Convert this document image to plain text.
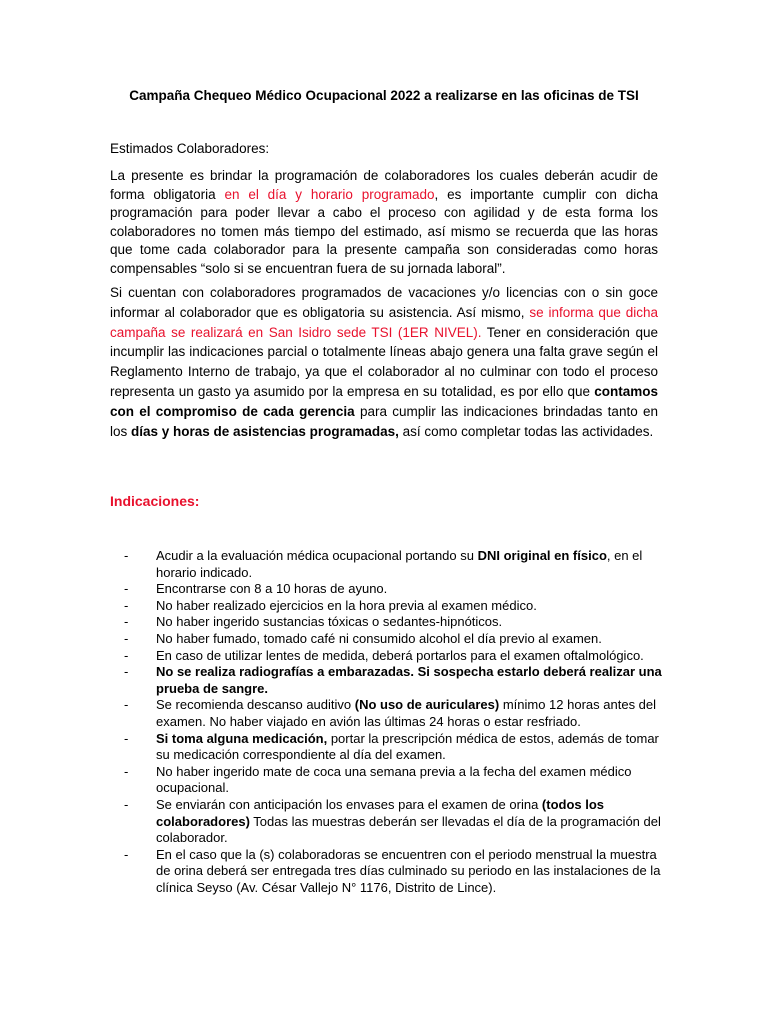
Campaña Chequeo Médico Ocupacional 2022 a realizarse en las oficinas de TSI
Estimados Colaboradores:

La presente es brindar la programación de colaboradores los cuales deberán acudir de forma obligatoria en el día y horario programado, es importante cumplir con dicha programación para poder llevar a cabo el proceso con agilidad y de esta forma los colaboradores no tomen más tiempo del estimado, así mismo se recuerda que las horas que tome cada colaborador para la presente campaña son consideradas como horas compensables “solo si se encuentran fuera de su jornada laboral”.

Si cuentan con colaboradores programados de vacaciones y/o licencias con o sin goce informar al colaborador que es obligatoria su asistencia. Así mismo, se informa que dicha campaña se realizará en San Isidro sede TSI (1ER NIVEL). Tener en consideración que incumplir las indicaciones parcial o totalmente líneas abajo genera una falta grave según el Reglamento Interno de trabajo, ya que el colaborador al no culminar con todo el proceso representa un gasto ya asumido por la empresa en su totalidad, es por ello que contamos con el compromiso de cada gerencia para cumplir las indicaciones brindadas tanto en los días y horas de asistencias programadas, así como completar todas las actividades.

Indicaciones:
- Acudir a la evaluación médica ocupacional portando su DNI original en físico, en el horario indicado.
- Encontrarse con 8 a 10 horas de ayuno.
- No haber realizado ejercicios en la hora previa al examen médico.
- No haber ingerido sustancias tóxicas o sedantes-hipnóticos.
- No haber fumado, tomado café ni consumido alcohol el día previo al examen.
- En caso de utilizar lentes de medida, deberá portarlos para el examen oftalmológico.
- No se realiza radiografías a embarazadas. Si sospecha estarlo deberá realizar una prueba de sangre.
- Se recomienda descanso auditivo (No uso de auriculares) mínimo 12 horas antes del examen. No haber viajado en avión las últimas 24 horas o estar resfriado.
- Si toma alguna medicación, portar la prescripción médica de estos, además de tomar su medicación correspondiente al día del examen.
- No haber ingerido mate de coca una semana previa a la fecha del examen médico ocupacional.
- Se enviarán con anticipación los envases para el examen de orina (todos los colaboradores) Todas las muestras deberán ser llevadas el día de la programación del colaborador.
- En el caso que la (s) colaboradoras se encuentren con el periodo menstrual la muestra de orina deberá ser entregada tres días culminado su periodo en las instalaciones de la clínica Seyso (Av. César Vallejo N° 1176, Distrito de Lince).
